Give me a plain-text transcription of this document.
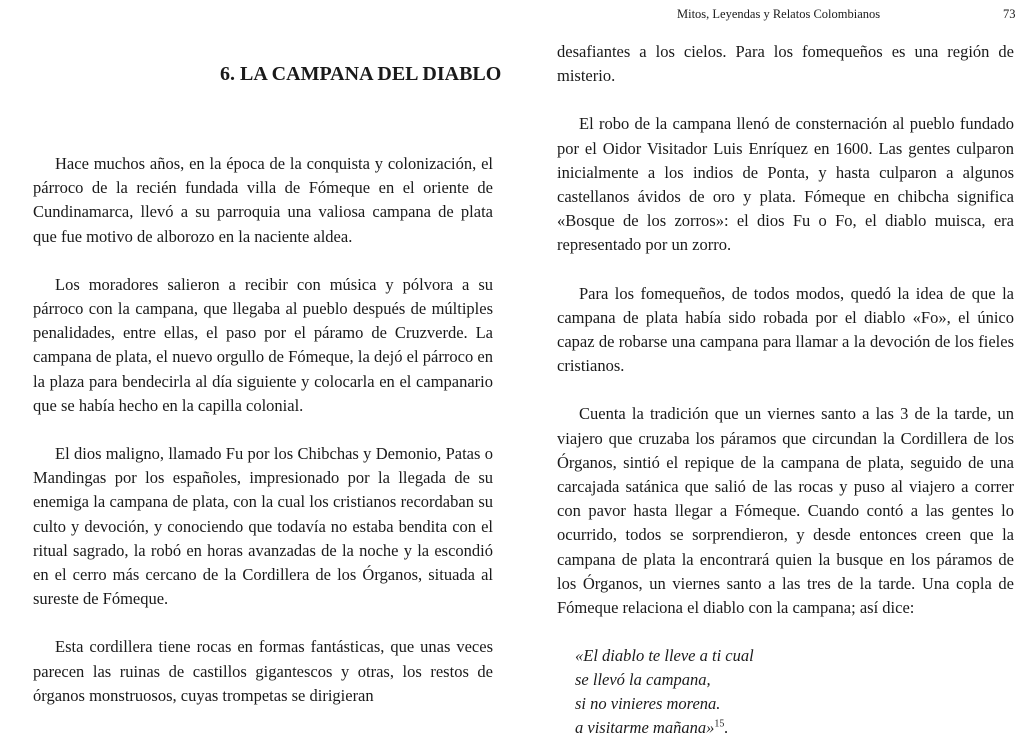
6. LA CAMPANA DEL DIABLO

Hace muchos años, en la época de la conquista y colonización, el párroco de la recién fundada villa de Fómeque en el oriente de Cundinamarca, llevó a su parroquia una valiosa campana de plata que fue motivo de alborozo en la naciente aldea.

Los moradores salieron a recibir con música y pólvora a su párroco con la campana, que llegaba al pueblo después de múltiples penalidades, entre ellas, el paso por el páramo de Cruzverde. La campana de plata, el nuevo orgullo de Fómeque, la dejó el párroco en la plaza para bendecirla al día siguiente y colocarla en el campanario que se había hecho en la capilla colonial.

El dios maligno, llamado Fu por los Chibchas y Demonio, Patas o Mandingas por los españoles, impresionado por la llegada de su enemiga la campana de plata, con la cual los cristianos recordaban su culto y devoción, y conociendo que todavía no estaba bendita con el ritual sagrado, la robó en horas avanzadas de la noche y la escondió en el cerro más cercano de la Cordillera de los Órganos, situada al sureste de Fómeque.

Esta cordillera tiene rocas en formas fantásticas, que unas veces parecen las ruinas de castillos gigantescos y otras, los restos de órganos monstruosos, cuyas trompetas se dirigieran

Mitos, Leyendas y Relatos Colombianos	73

desafiantes a los cielos. Para los fomequeños es una región de misterio.

El robo de la campana llenó de consternación al pueblo fundado por el Oidor Visitador Luis Enríquez en 1600. Las gentes culparon inicialmente a los indios de Ponta, y hasta culparon a algunos castellanos ávidos de oro y plata. Fómeque en chibcha significa «Bosque de los zorros»: el dios Fu o Fo, el diablo muisca, era representado por un zorro.

Para los fomequeños, de todos modos, quedó la idea de que la campana de plata había sido robada por el diablo «Fo», el único capaz de robarse una campana para llamar a la devoción de los fieles cristianos.

Cuenta la tradición que un viernes santo a las 3 de la tarde, un viajero que cruzaba los páramos que circundan la Cordillera de los Órganos, sintió el repique de la campana de plata, seguido de una carcajada satánica que salió de las rocas y puso al viajero a correr con pavor hasta llegar a Fómeque. Cuando contó a las gentes lo ocurrido, todos se sorprendieron, y desde entonces creen que la campana de plata la encontrará quien la busque en los páramos de los Órganos, un viernes santo a las tres de la tarde. Una copla de Fómeque relaciona el diablo con la campana; así dice:

«El diablo te lleve a ti cual
se llevó la campana,
si no vinieres morena.
a visitarme mañana»$^{15}$.
